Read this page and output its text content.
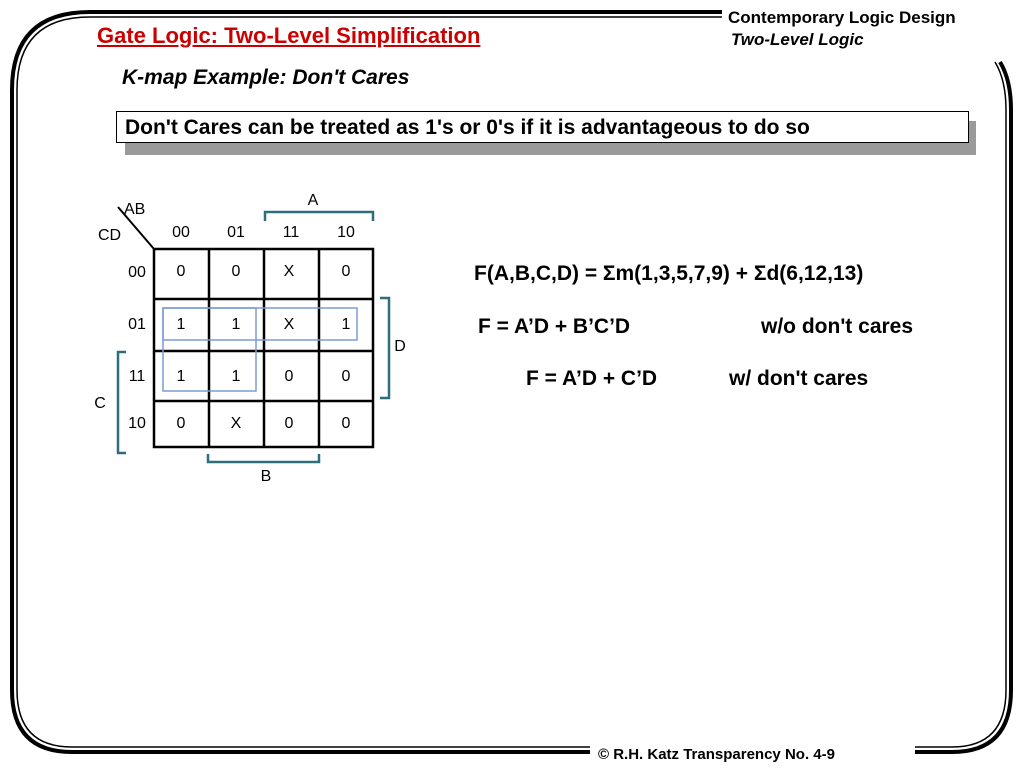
Gate Logic: Two-Level Simplification
Contemporary Logic Design
Two-Level Logic
K-map Example: Don't Cares
Don't Cares can be treated as 1's or 0's if it is advantageous to do so
AB
CD	00 01 11 10
00
01
11
10
0	0	X	0
1	1	X	1
1	1	0	0
0	X	0	0
A
B
C
D
F(A,B,C,D) = Σm(1,3,5,7,9) + Σd(6,12,13)
F = A’D + B’C’D	w/o don't cares
F = A’D + C’D	w/ don't cares
© R.H. Katz Transparency No. 4-9
